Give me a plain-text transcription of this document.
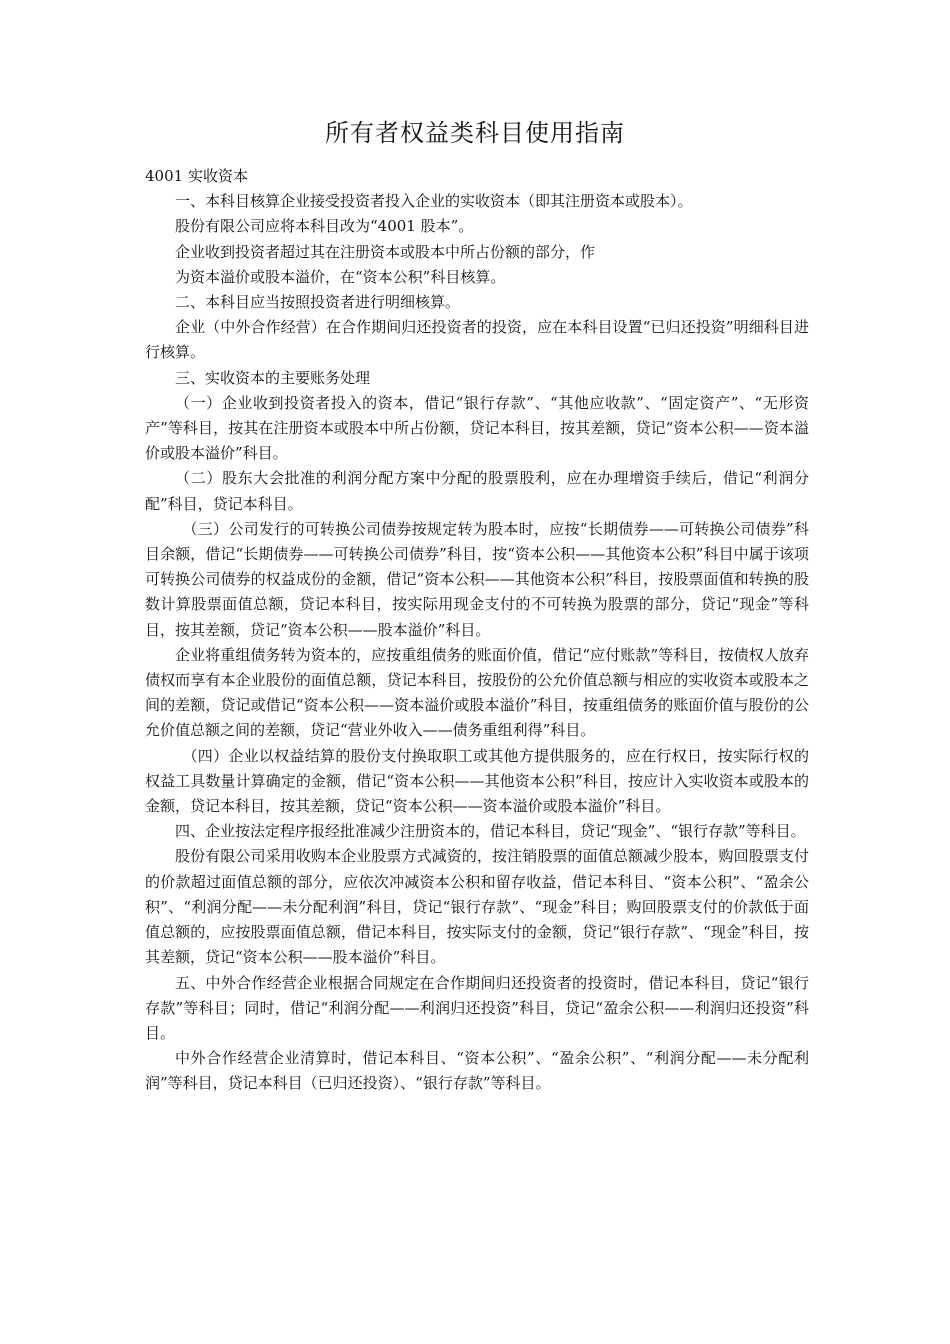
所有者权益类科目使用指南

4001 实收资本

一、本科目核算企业接受投资者投入企业的实收资本（即其注册资本或股本）。

股份有限公司应将本科目改为“4001 股本”。

企业收到投资者超过其在注册资本或股本中所占份额的部分，作

为资本溢价或股本溢价，在“资本公积”科目核算。

二、本科目应当按照投资者进行明细核算。

企业（中外合作经营）在合作期间归还投资者的投资，应在本科目设置“已归还投资”明细科目进行核算。

三、实收资本的主要账务处理

（一）企业收到投资者投入的资本，借记“银行存款”、“其他应收款”、“固定资产”、“无形资产”等科目，按其在注册资本或股本中所占份额，贷记本科目，按其差额，贷记“资本公积——资本溢价或股本溢价”科目。

（二）股东大会批准的利润分配方案中分配的股票股利，应在办理增资手续后，借记“利润分配”科目，贷记本科目。

（三）公司发行的可转换公司债券按规定转为股本时，应按“长期债券——可转换公司债券”科目余额，借记“长期债券——可转换公司债券”科目，按“资本公积——其他资本公积”科目中属于该项可转换公司债券的权益成份的金额，借记“资本公积——其他资本公积”科目，按股票面值和转换的股数计算股票面值总额，贷记本科目，按实际用现金支付的不可转换为股票的部分，贷记“现金”等科目，按其差额，贷记“资本公积——股本溢价”科目。

企业将重组债务转为资本的，应按重组债务的账面价值，借记“应付账款”等科目，按债权人放弃债权而享有本企业股份的面值总额，贷记本科目，按股份的公允价值总额与相应的实收资本或股本之间的差额，贷记或借记“资本公积——资本溢价或股本溢价”科目，按重组债务的账面价值与股份的公允价值总额之间的差额，贷记“营业外收入——债务重组利得”科目。

（四）企业以权益结算的股份支付换取职工或其他方提供服务的，应在行权日，按实际行权的权益工具数量计算确定的金额，借记“资本公积——其他资本公积”科目，按应计入实收资本或股本的金额，贷记本科目，按其差额，贷记“资本公积——资本溢价或股本溢价”科目。

四、企业按法定程序报经批准减少注册资本的，借记本科目，贷记“现金”、“银行存款”等科目。

股份有限公司采用收购本企业股票方式减资的，按注销股票的面值总额减少股本，购回股票支付的价款超过面值总额的部分，应依次冲减资本公积和留存收益，借记本科目、“资本公积”、“盈余公积”、“利润分配——未分配利润”科目，贷记“银行存款”、“现金”科目；购回股票支付的价款低于面值总额的，应按股票面值总额，借记本科目，按实际支付的金额，贷记“银行存款”、“现金”科目，按其差额，贷记“资本公积——股本溢价”科目。

五、中外合作经营企业根据合同规定在合作期间归还投资者的投资时，借记本科目，贷记“银行存款”等科目；同时，借记“利润分配——利润归还投资”科目，贷记“盈余公积——利润归还投资”科目。

中外合作经营企业清算时，借记本科目、“资本公积”、“盈余公积”、“利润分配——未分配利润”等科目，贷记本科目（已归还投资）、“银行存款”等科目。
